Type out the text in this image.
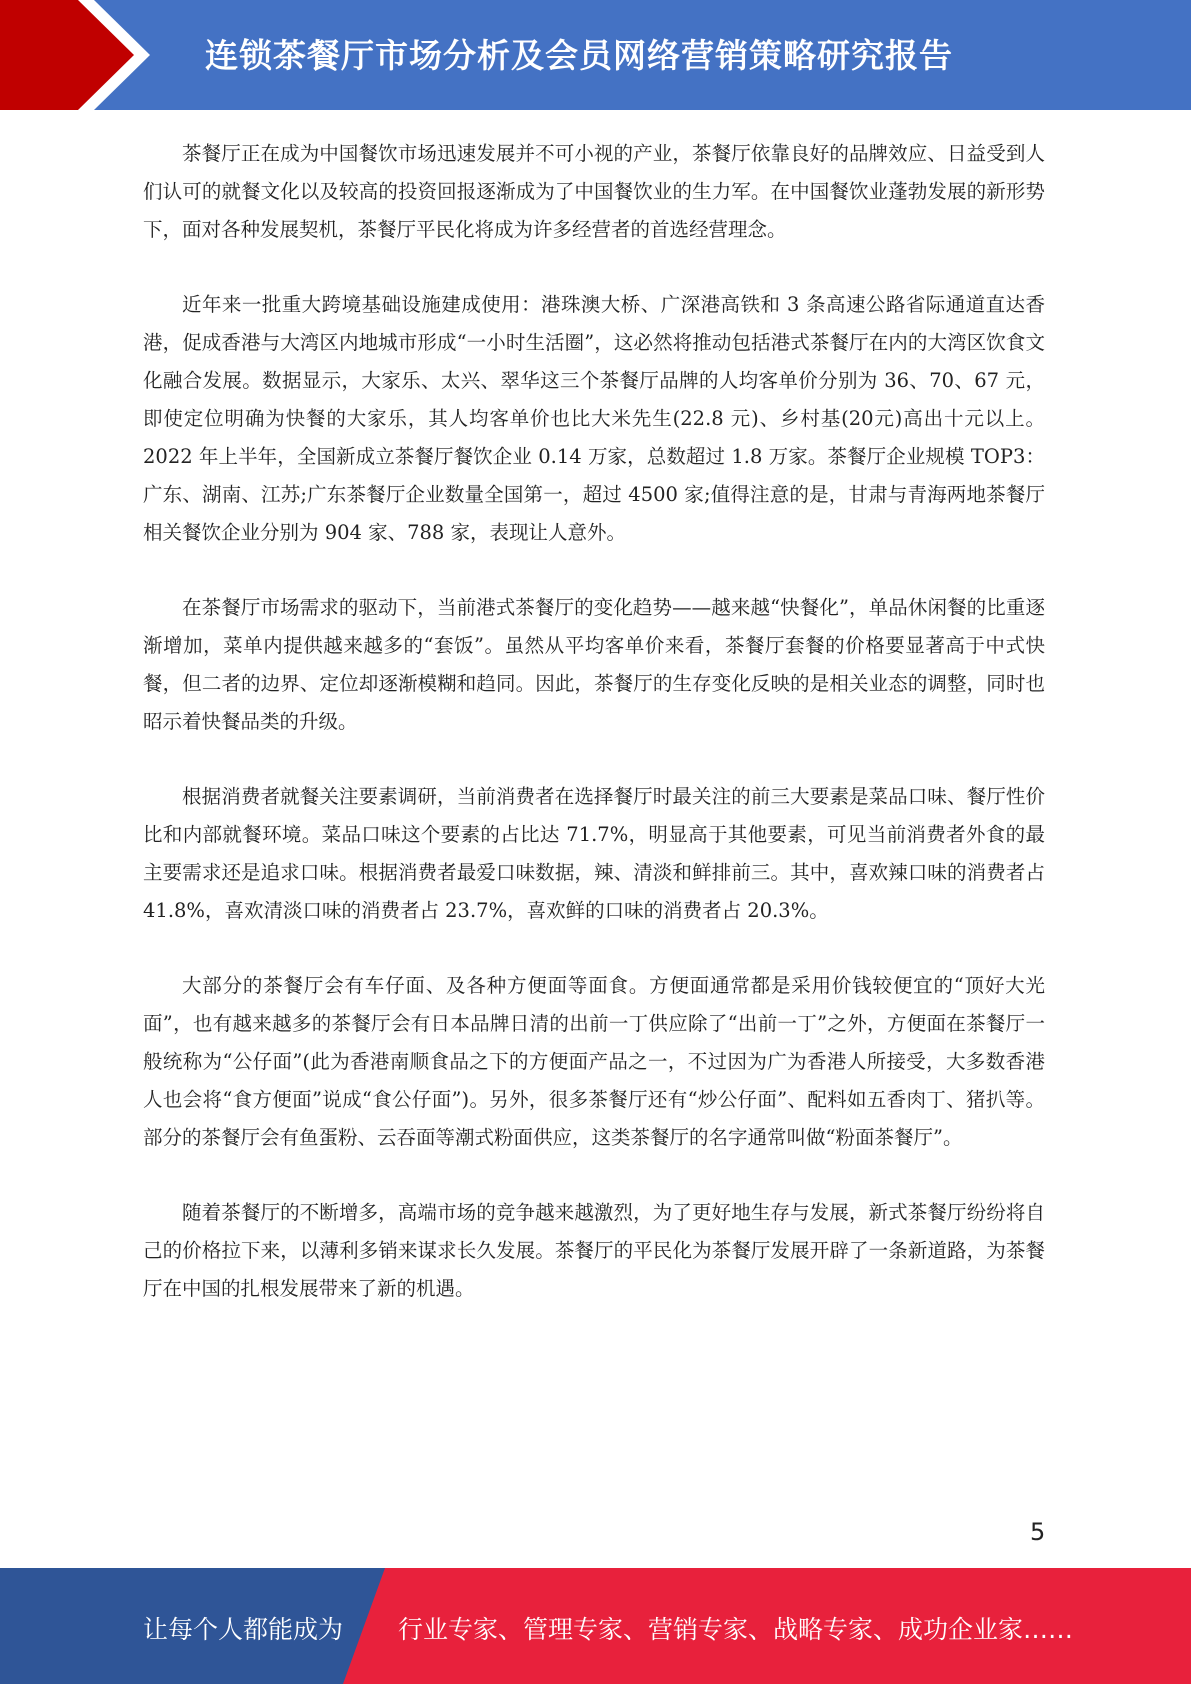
连锁茶餐厅市场分析及会员网络营销策略研究报告

茶餐厅正在成为中国餐饮市场迅速发展并不可小视的产业，茶餐厅依靠良好的品牌效应、日益受到人们认可的就餐文化以及较高的投资回报逐渐成为了中国餐饮业的生力军。在中国餐饮业蓬勃发展的新形势下，面对各种发展契机，茶餐厅平民化将成为许多经营者的首选经营理念。

近年来一批重大跨境基础设施建成使用：港珠澳大桥、广深港高铁和 3 条高速公路省际通道直达香港，促成香港与大湾区内地城市形成“一小时生活圈”，这必然将推动包括港式茶餐厅在内的大湾区饮食文化融合发展。数据显示，大家乐、太兴、翠华这三个茶餐厅品牌的人均客单价分别为 36、70、67 元，即使定位明确为快餐的大家乐，其人均客单价也比大米先生(22.8 元)、乡村基(20元)高出十元以上。2022 年上半年，全国新成立茶餐厅餐饮企业 0.14 万家，总数超过 1.8 万家。茶餐厅企业规模 TOP3：广东、湖南、江苏;广东茶餐厅企业数量全国第一，超过 4500 家;值得注意的是，甘肃与青海两地茶餐厅相关餐饮企业分别为 904 家、788 家，表现让人意外。

在茶餐厅市场需求的驱动下，当前港式茶餐厅的变化趋势——越来越“快餐化”，单品休闲餐的比重逐渐增加，菜单内提供越来越多的“套饭”。虽然从平均客单价来看，茶餐厅套餐的价格要显著高于中式快餐，但二者的边界、定位却逐渐模糊和趋同。因此，茶餐厅的生存变化反映的是相关业态的调整，同时也昭示着快餐品类的升级。

根据消费者就餐关注要素调研，当前消费者在选择餐厅时最关注的前三大要素是菜品口味、餐厅性价比和内部就餐环境。菜品口味这个要素的占比达 71.7%，明显高于其他要素，可见当前消费者外食的最主要需求还是追求口味。根据消费者最爱口味数据，辣、清淡和鲜排前三。其中，喜欢辣口味的消费者占 41.8%，喜欢清淡口味的消费者占 23.7%，喜欢鲜的口味的消费者占 20.3%。

大部分的茶餐厅会有车仔面、及各种方便面等面食。方便面通常都是采用价钱较便宜的“顶好大光面”，也有越来越多的茶餐厅会有日本品牌日清的出前一丁供应除了“出前一丁”之外，方便面在茶餐厅一般统称为“公仔面”(此为香港南顺食品之下的方便面产品之一，不过因为广为香港人所接受，大多数香港人也会将“食方便面”说成“食公仔面”)。另外，很多茶餐厅还有“炒公仔面”、配料如五香肉丁、猪扒等。部分的茶餐厅会有鱼蛋粉、云吞面等潮式粉面供应，这类茶餐厅的名字通常叫做“粉面茶餐厅”。

随着茶餐厅的不断增多，高端市场的竞争越来越激烈，为了更好地生存与发展，新式茶餐厅纷纷将自己的价格拉下来，以薄利多销来谋求长久发展。茶餐厅的平民化为茶餐厅发展开辟了一条新道路，为茶餐厅在中国的扎根发展带来了新的机遇。

5
让每个人都能成为 行业专家、管理专家、营销专家、战略专家、成功企业家……
